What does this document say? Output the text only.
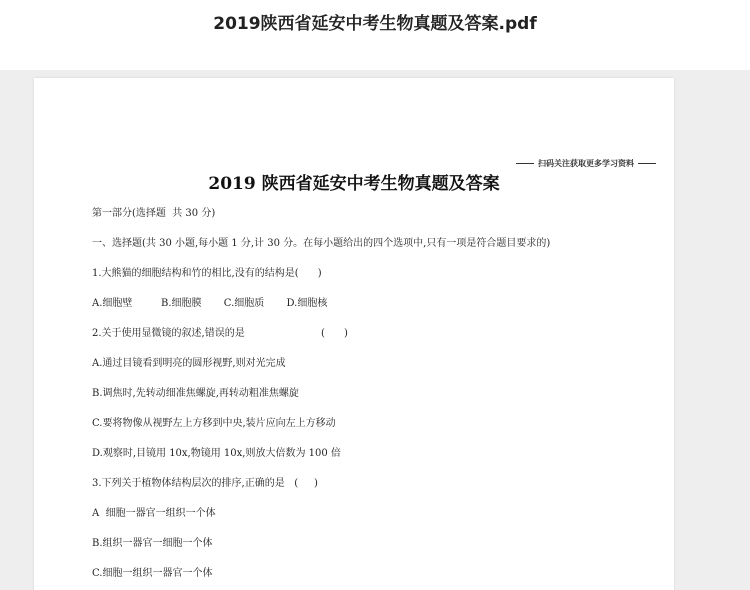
2019陕西省延安中考生物真题及答案.pdf
扫码关注获取更多学习资料
2019 陕西省延安中考生物真题及答案
第一部分(选择题  共 30 分)
一、选择题(共 30 小题,每小题 1 分,计 30 分。在每小题给出的四个选项中,只有一项是符合题目要求的)
1.大熊猫的细胞结构和竹的相比,没有的结构是(      )
A.细胞壁         B.细胞膜       C.细胞质       D.细胞核
2.关于使用显微镜的叙述,错误的是                        (      )
A.通过目镜看到明亮的圆形视野,则对光完成
B.调焦时,先转动细准焦螺旋,再转动粗准焦螺旋
C.要将物像从视野左上方移到中央,装片应向左上方移动
D.观察时,目镜用 10x,物镜用 10x,则放大倍数为 100 倍
3.下列关于植物体结构层次的排序,正确的是   (     )
A  细胞一器官一组织一个体
B.组织一器官一细胞一个体
C.细胞一组织一器官一个体
